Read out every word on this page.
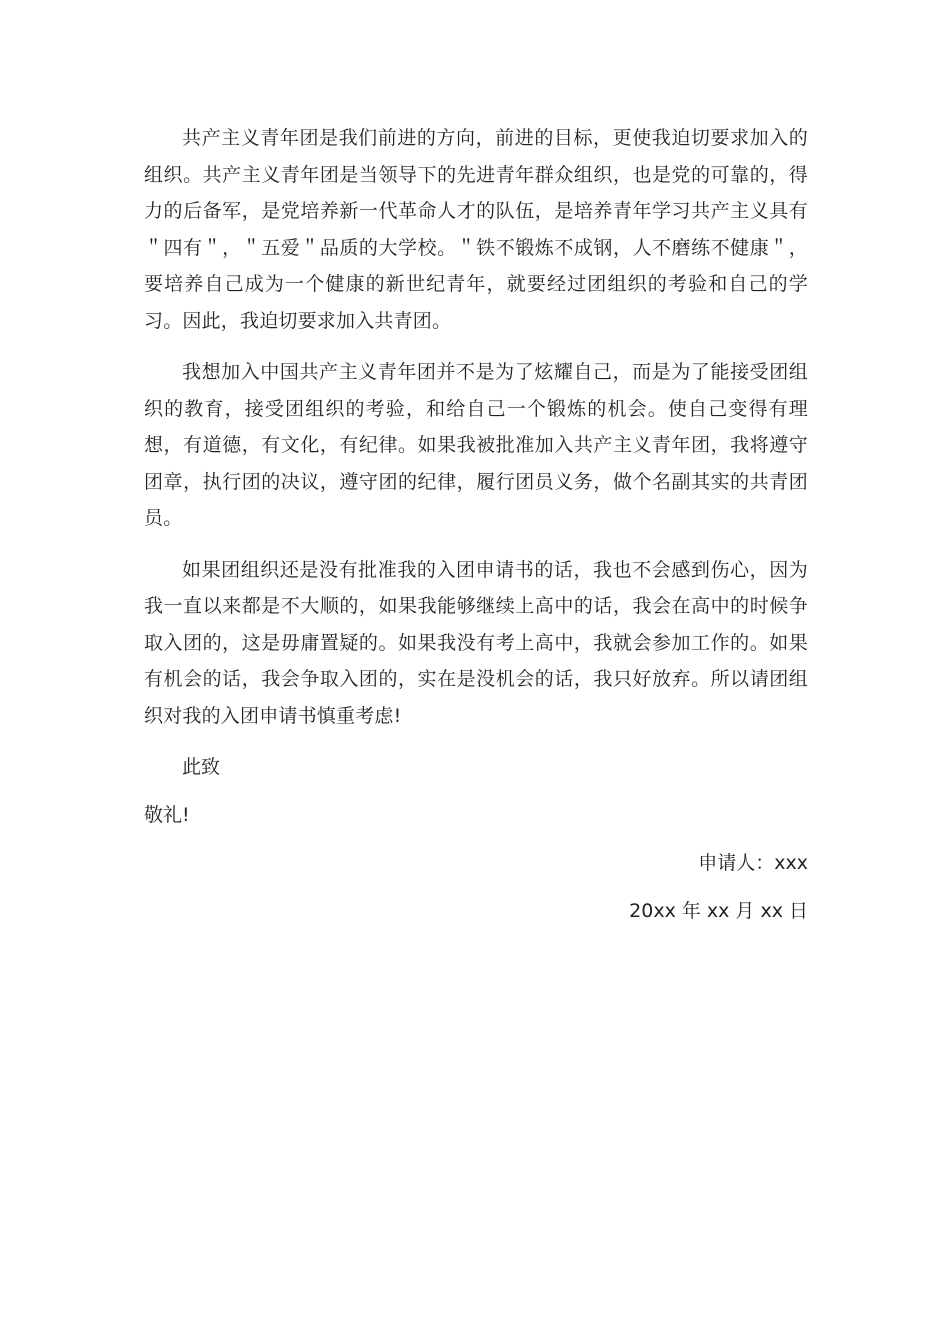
共产主义青年团是我们前进的方向，前进的目标，更使我迫切要求加入的组织。共产主义青年团是当领导下的先进青年群众组织，也是党的可靠的，得力的后备军，是党培养新一代革命人才的队伍，是培养青年学习共产主义具有＂四有＂，＂五爱＂品质的大学校。＂铁不锻炼不成钢，人不磨练不健康＂，要培养自己成为一个健康的新世纪青年，就要经过团组织的考验和自己的学习。因此，我迫切要求加入共青团。

我想加入中国共产主义青年团并不是为了炫耀自己，而是为了能接受团组织的教育，接受团组织的考验，和给自己一个锻炼的机会。使自己变得有理想，有道德，有文化，有纪律。如果我被批准加入共产主义青年团，我将遵守团章，执行团的决议，遵守团的纪律，履行团员义务，做个名副其实的共青团员。

如果团组织还是没有批准我的入团申请书的话，我也不会感到伤心，因为我一直以来都是不大顺的，如果我能够继续上高中的话，我会在高中的时候争取入团的，这是毋庸置疑的。如果我没有考上高中，我就会参加工作的。如果有机会的话，我会争取入团的，实在是没机会的话，我只好放弃。所以请团组织对我的入团申请书慎重考虑!

此致

敬礼!

申请人：xxx

20xx 年 xx 月 xx 日
